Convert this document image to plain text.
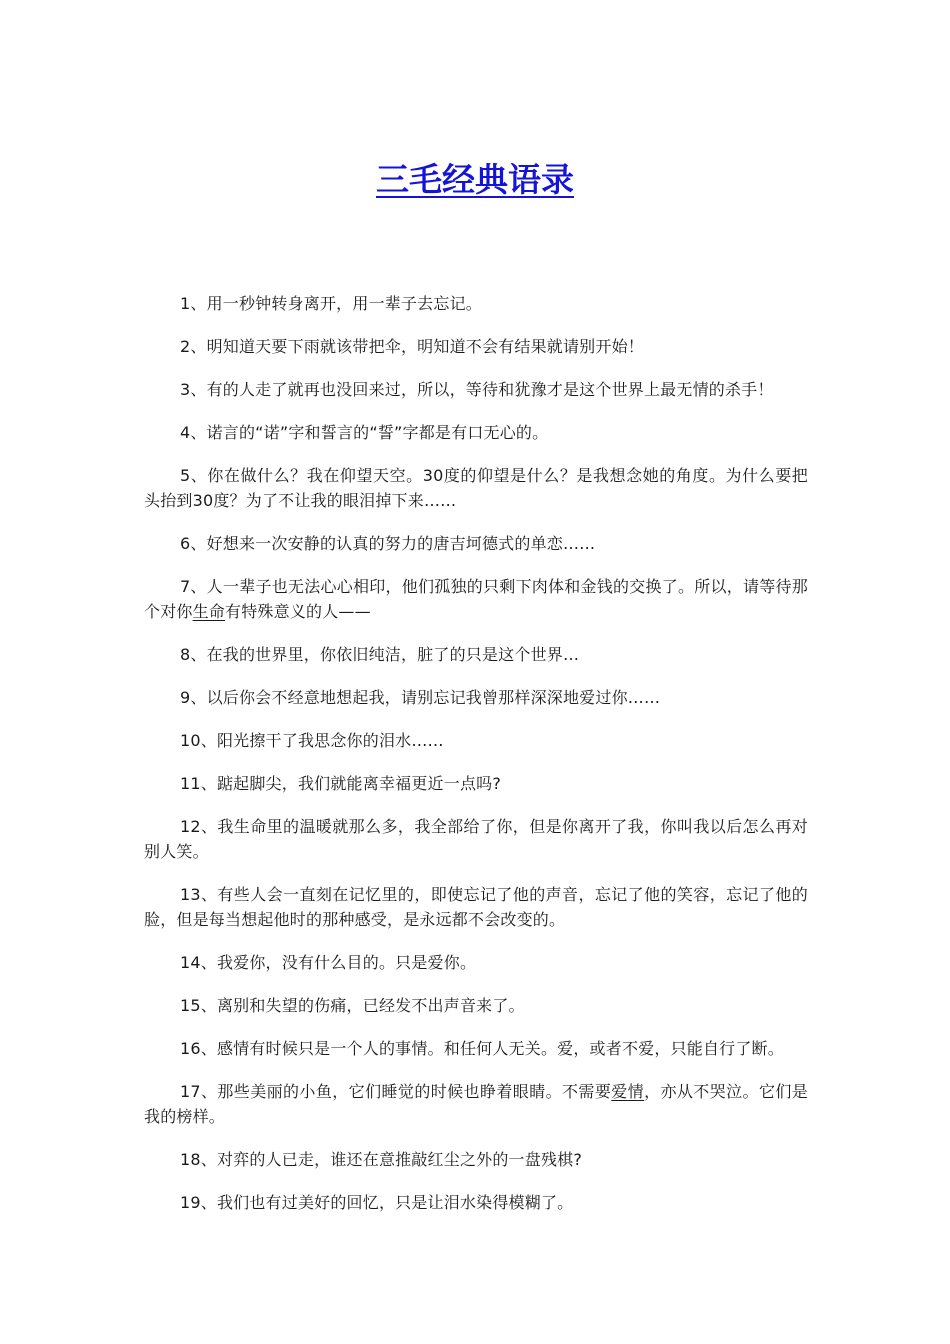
三毛经典语录

1、用一秒钟转身离开，用一辈子去忘记。

2、明知道天要下雨就该带把伞，明知道不会有结果就请别开始！

3、有的人走了就再也没回来过，所以，等待和犹豫才是这个世界上最无情的杀手！

4、诺言的“诺”字和誓言的“誓”字都是有口无心的。

5、你在做什么？我在仰望天空。30度的仰望是什么？是我想念她的角度。为什么要把头抬到30度？为了不让我的眼泪掉下来……

6、好想来一次安静的认真的努力的唐吉坷德式的单恋……

7、人一辈子也无法心心相印，他们孤独的只剩下肉体和金钱的交换了。所以，请等待那个对你生命有特殊意义的人——

8、在我的世界里，你依旧纯洁，脏了的只是这个世界…

9、以后你会不经意地想起我，请别忘记我曾那样深深地爱过你……

10、阳光擦干了我思念你的泪水……

11、踮起脚尖，我们就能离幸福更近一点吗?

12、我生命里的温暖就那么多，我全部给了你，但是你离开了我，你叫我以后怎么再对别人笑。

13、有些人会一直刻在记忆里的，即使忘记了他的声音，忘记了他的笑容，忘记了他的脸，但是每当想起他时的那种感受，是永远都不会改变的。

14、我爱你，没有什么目的。只是爱你。

15、离别和失望的伤痛，已经发不出声音来了。

16、感情有时候只是一个人的事情。和任何人无关。爱，或者不爱，只能自行了断。

17、那些美丽的小鱼，它们睡觉的时候也睁着眼睛。不需要爱情，亦从不哭泣。它们是我的榜样。

18、对弈的人已走，谁还在意推敲红尘之外的一盘残棋?

19、我们也有过美好的回忆，只是让泪水染得模糊了。
